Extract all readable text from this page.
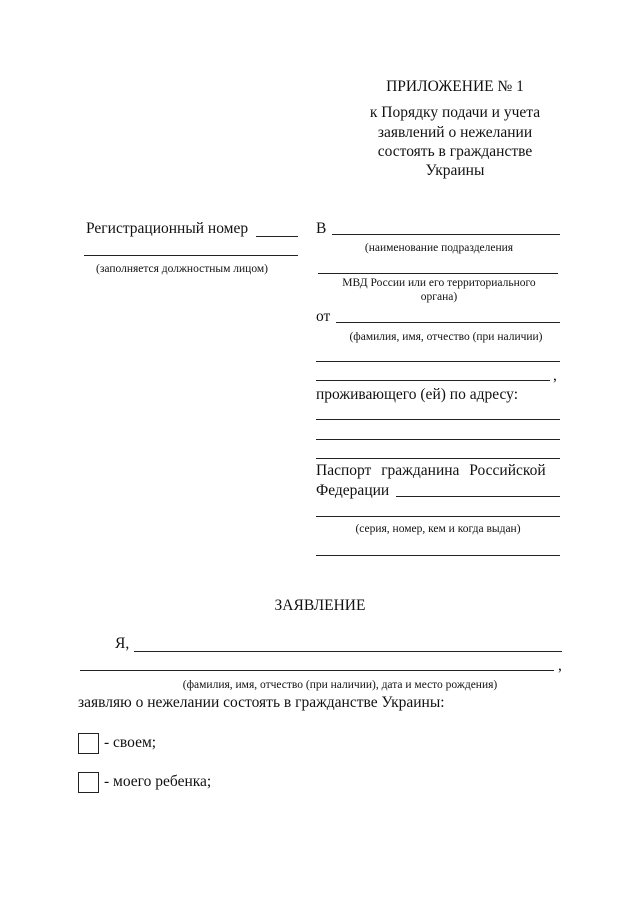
ПРИЛОЖЕНИЕ № 1
к Порядку подачи и учета
заявлений о нежелании
состоять в гражданстве
Украины
Регистрационный номер
(заполняется должностным лицом)
В
(наименование подразделения
МВД России или его территориального
органа)
от
(фамилия, имя, отчество (при наличии)
,
проживающего (ей) по адресу:
Паспорт гражданина Российской
Федерации
(серия, номер, кем и когда выдан)
ЗАЯВЛЕНИЕ
Я,
,
(фамилия, имя, отчество (при наличии), дата и место рождения)
заявляю о нежелании состоять в гражданстве Украины:
- своем;
- моего ребенка;
